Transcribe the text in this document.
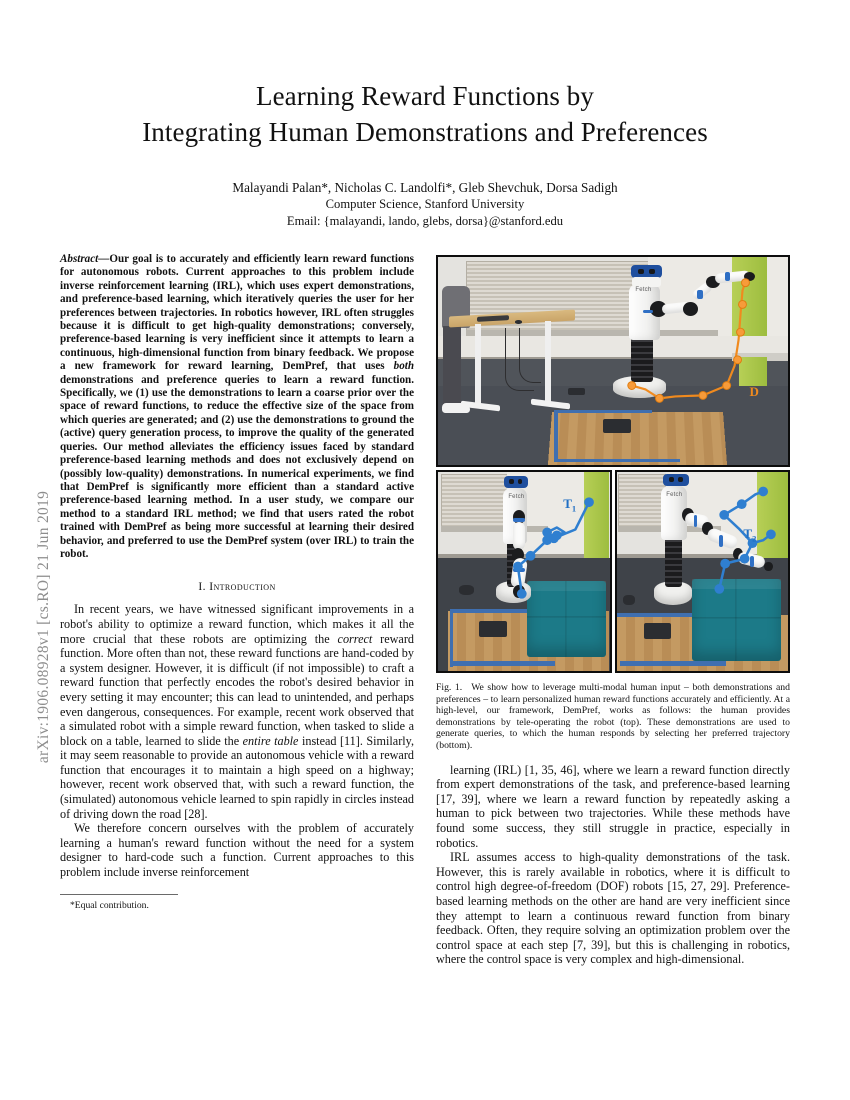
arXiv:1906.08928v1 [cs.RO] 21 Jun 2019
Learning Reward Functions by
Integrating Human Demonstrations and Preferences
Malayandi Palan*, Nicholas C. Landolfi*, Gleb Shevchuk, Dorsa Sadigh
Computer Science, Stanford University
Email: {malayandi, lando, glebs, dorsa}@stanford.edu
Abstract—Our goal is to accurately and efficiently learn reward functions for autonomous robots. Current approaches to this problem include inverse reinforcement learning (IRL), which uses expert demonstrations, and preference-based learning, which iteratively queries the user for her preferences between trajectories. In robotics however, IRL often struggles because it is difficult to get high-quality demonstrations; conversely, preference-based learning is very inefficient since it attempts to learn a continuous, high-dimensional function from binary feedback. We propose a new framework for reward learning, DemPref, that uses both demonstrations and preference queries to learn a reward function. Specifically, we (1) use the demonstrations to learn a coarse prior over the space of reward functions, to reduce the effective size of the space from which queries are generated; and (2) use the demonstrations to ground the (active) query generation process, to improve the quality of the generated queries. Our method alleviates the efficiency issues faced by standard preference-based learning methods and does not exclusively depend on (possibly low-quality) demonstrations. In numerical experiments, we find that DemPref is significantly more efficient than a standard active preference-based learning method. In a user study, we compare our method to a standard IRL method; we find that users rated the robot trained with DemPref as being more successful at learning their desired behavior, and preferred to use the DemPref system (over IRL) to train the robot.
I. Introduction

In recent years, we have witnessed significant improvements in a robot's ability to optimize a reward function, which makes it all the more crucial that these robots are optimizing the correct reward function. More often than not, these reward functions are hand-coded by a system designer. However, it is difficult (if not impossible) to craft a reward function that perfectly encodes the robot's desired behavior in every setting it may encounter; this can lead to unintended, and perhaps even dangerous, consequences. For example, recent work observed that a simulated robot with a simple reward function, when tasked to slide a block on a table, learned to slide the entire table instead [11]. Similarly, it may seem reasonable to provide an autonomous vehicle with a reward function that encourages it to maintain a high speed on a highway; however, recent work observed that, with such a reward function, the (simulated) autonomous vehicle learned to spin rapidly in circles instead of driving down the road [28].

We therefore concern ourselves with the problem of accurately learning a human's reward function without the need for a system designer to hard-code such a function. Current approaches to this problem include inverse reinforcement

*Equal contribution.
Fetch
D
Fetch	$T_1$
Fetch
$T_2$
Fig. 1. We show how to leverage multi-modal human input – both demonstrations and preferences – to learn personalized human reward functions accurately and efficiently. At a high-level, our framework, DemPref, works as follows: the human provides demonstrations by tele-operating the robot (top). These demonstrations are used to generate queries, to which the human responds by selecting her preferred trajectory (bottom).

learning (IRL) [1, 35, 46], where we learn a reward function directly from expert demonstrations of the task, and preference-based learning [17, 39], where we learn a reward function by repeatedly asking a human to pick between two trajectories. While these methods have found some success, they still struggle in practice, especially in robotics.

IRL assumes access to high-quality demonstrations of the task. However, this is rarely available in robotics, where it is difficult to control high degree-of-freedom (DOF) robots [15, 27, 29]. Preference-based learning methods on the other are hand are very inefficient since they attempt to learn a continuous reward function from binary feedback. Often, they require solving an optimization problem over the control space at each step [7, 39], but this is challenging in robotics, where the control space is very complex and high-dimensional.
